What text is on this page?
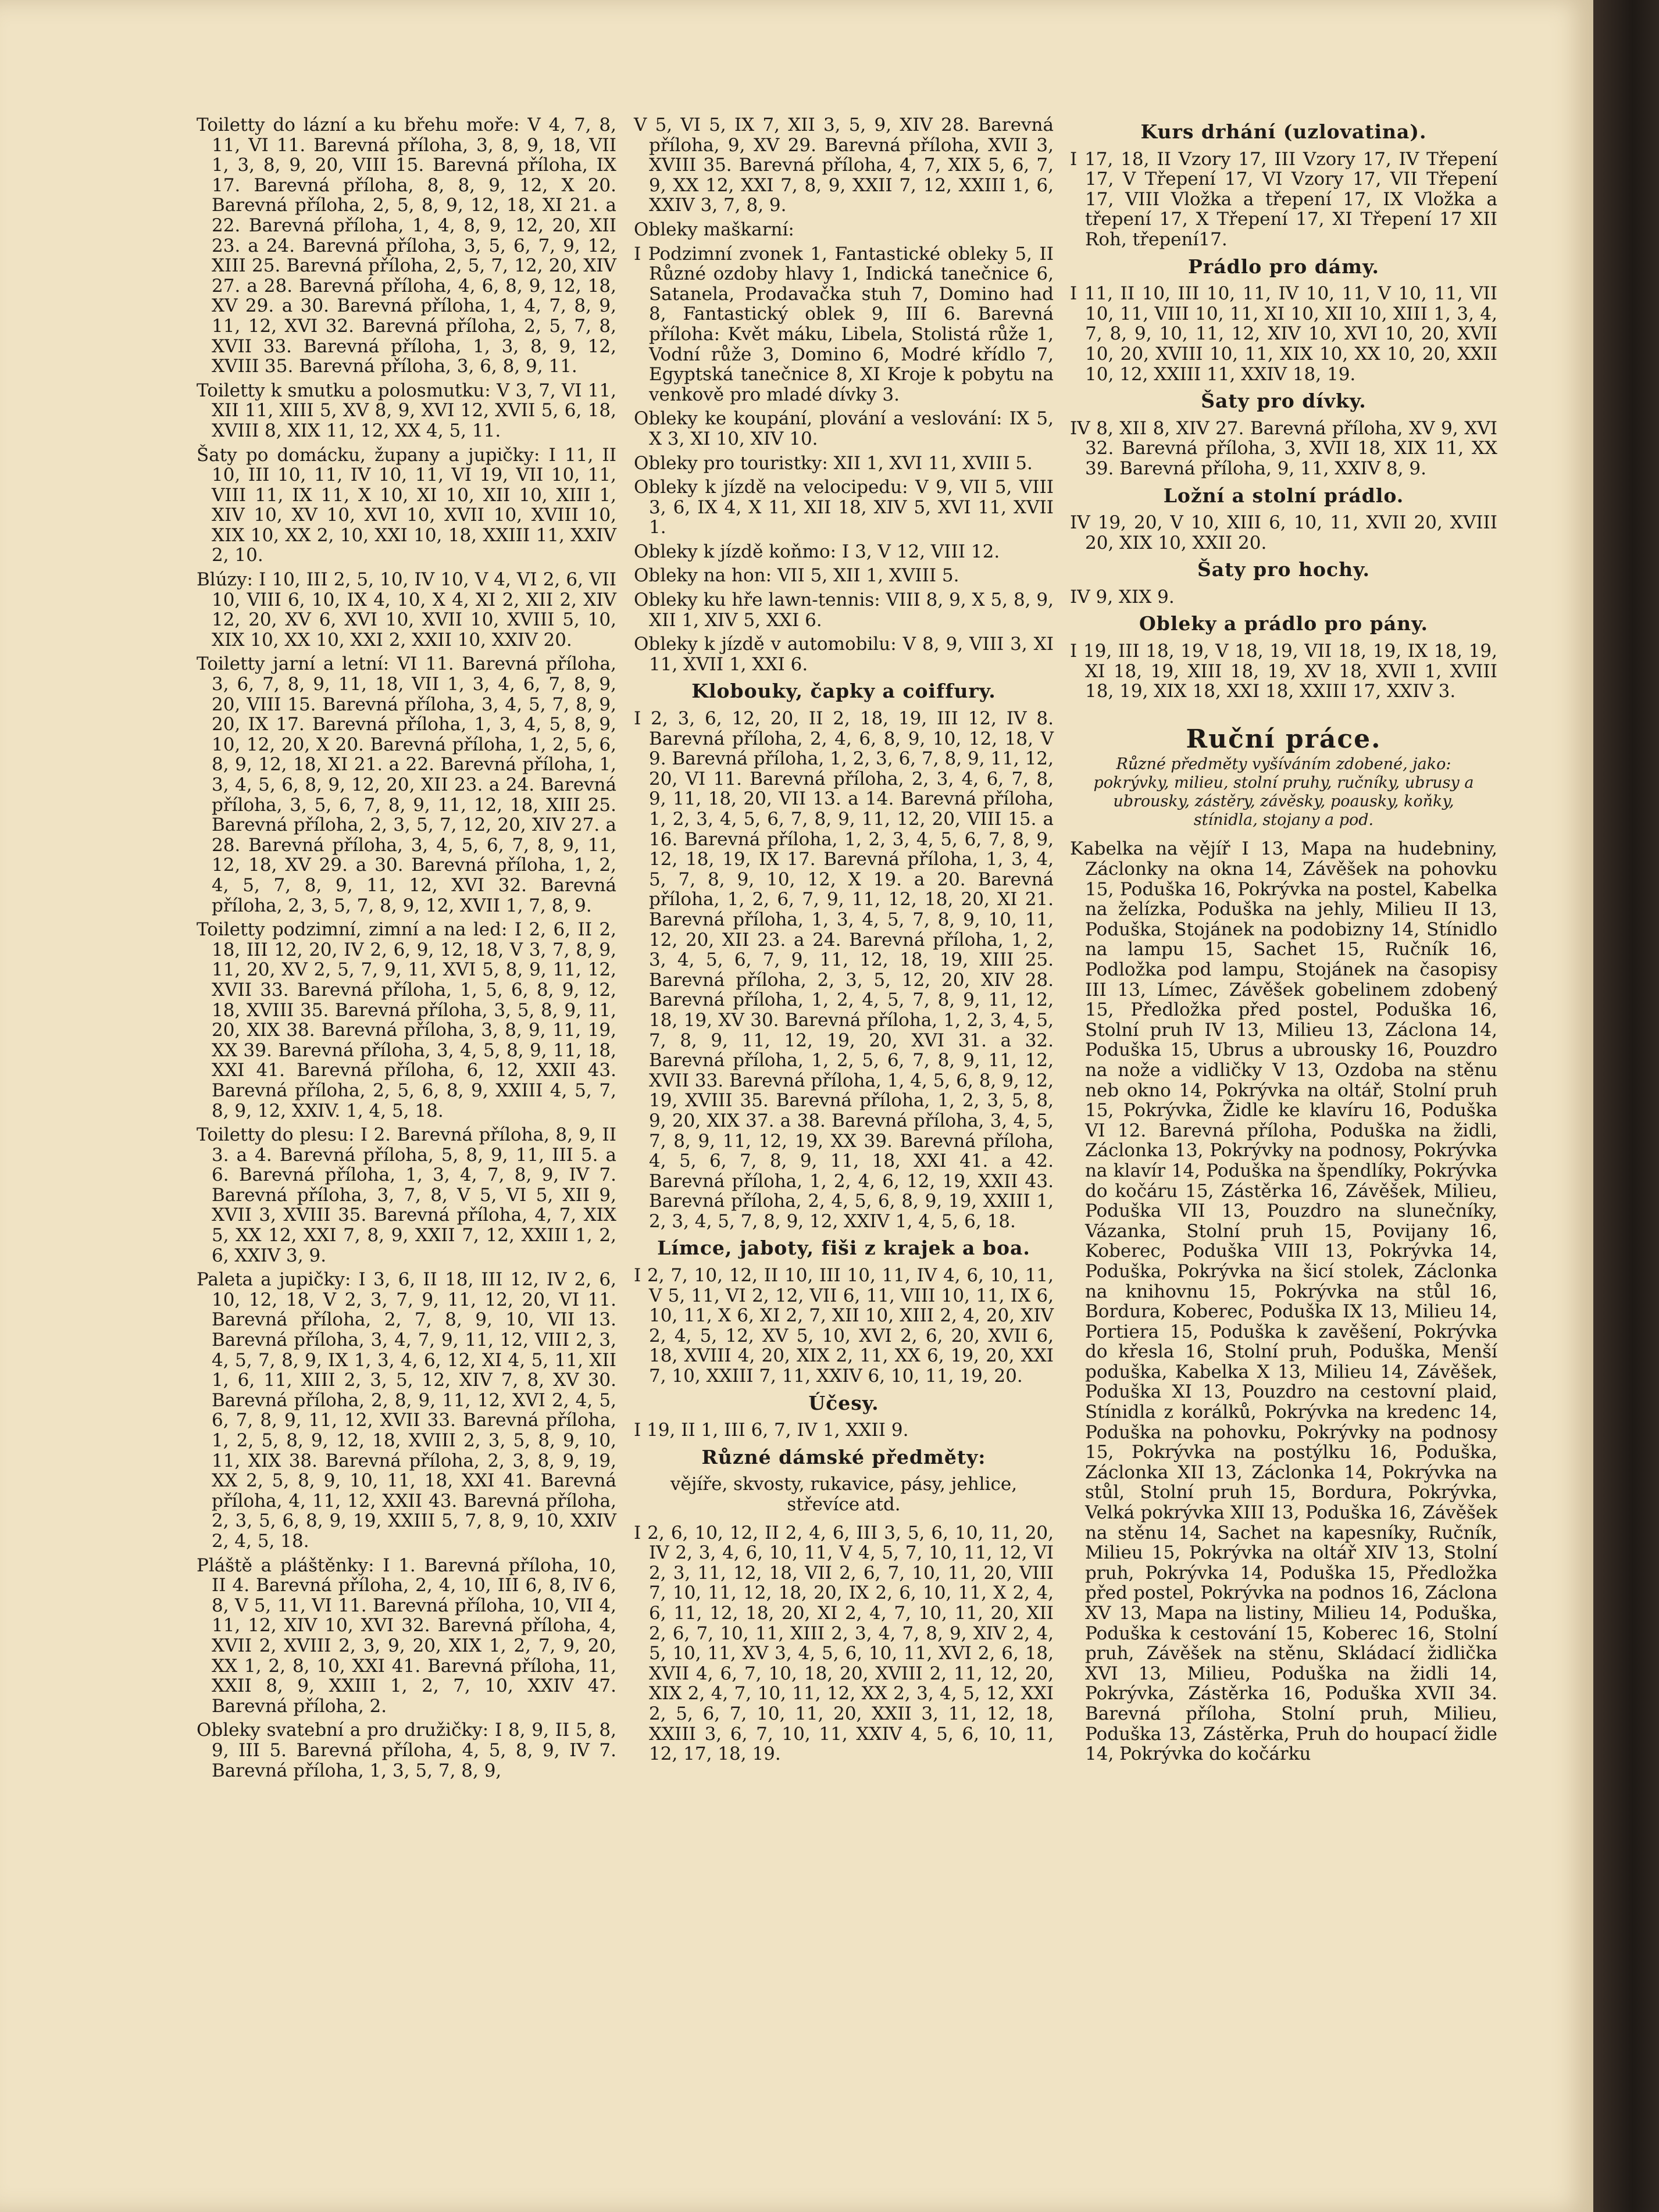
Toiletty do lázní a ku břehu moře: V 4, 7, 8, 11, VI 11. Barevná příloha, 3, 8, 9, 18, VII 1, 3, 8, 9, 20, VIII 15. Barevná příloha, IX 17. Barevná příloha, 8, 8, 9, 12, X 20. Barevná příloha, 2, 5, 8, 9, 12, 18, XI 21. a 22. Barevná příloha, 1, 4, 8, 9, 12, 20, XII 23. a 24. Barevná příloha, 3, 5, 6, 7, 9, 12, XIII 25. Barevná příloha, 2, 5, 7, 12, 20, XIV 27. a 28. Barevná příloha, 4, 6, 8, 9, 12, 18, XV 29. a 30. Barevná příloha, 1, 4, 7, 8, 9, 11, 12, XVI 32. Barevná příloha, 2, 5, 7, 8, XVII 33. Barevná příloha, 1, 3, 8, 9, 12, XVIII 35. Barevná příloha, 3, 6, 8, 9, 11.

Toiletty k smutku a polosmutku: V 3, 7, VI 11, XII 11, XIII 5, XV 8, 9, XVI 12, XVII 5, 6, 18, XVIII 8, XIX 11, 12, XX 4, 5, 11.

Šaty po domácku, župany a jupičky: I 11, II 10, III 10, 11, IV 10, 11, VI 19, VII 10, 11, VIII 11, IX 11, X 10, XI 10, XII 10, XIII 1, XIV 10, XV 10, XVI 10, XVII 10, XVIII 10, XIX 10, XX 2, 10, XXI 10, 18, XXIII 11, XXIV 2, 10.

Blúzy: I 10, III 2, 5, 10, IV 10, V 4, VI 2, 6, VII 10, VIII 6, 10, IX 4, 10, X 4, XI 2, XII 2, XIV 12, 20, XV 6, XVI 10, XVII 10, XVIII 5, 10, XIX 10, XX 10, XXI 2, XXII 10, XXIV 20.

Toiletty jarní a letní: VI 11. Barevná příloha, 3, 6, 7, 8, 9, 11, 18, VII 1, 3, 4, 6, 7, 8, 9, 20, VIII 15. Barevná příloha, 3, 4, 5, 7, 8, 9, 20, IX 17. Barevná příloha, 1, 3, 4, 5, 8, 9, 10, 12, 20, X 20. Barevná příloha, 1, 2, 5, 6, 8, 9, 12, 18, XI 21. a 22. Barevná příloha, 1, 3, 4, 5, 6, 8, 9, 12, 20, XII 23. a 24. Barevná příloha, 3, 5, 6, 7, 8, 9, 11, 12, 18, XIII 25. Barevná příloha, 2, 3, 5, 7, 12, 20, XIV 27. a 28. Barevná příloha, 3, 4, 5, 6, 7, 8, 9, 11, 12, 18, XV 29. a 30. Barevná příloha, 1, 2, 4, 5, 7, 8, 9, 11, 12, XVI 32. Barevná příloha, 2, 3, 5, 7, 8, 9, 12, XVII 1, 7, 8, 9.

Toiletty podzimní, zimní a na led: I 2, 6, II 2, 18, III 12, 20, IV 2, 6, 9, 12, 18, V 3, 7, 8, 9, 11, 20, XV 2, 5, 7, 9, 11, XVI 5, 8, 9, 11, 12, XVII 33. Barevná příloha, 1, 5, 6, 8, 9, 12, 18, XVIII 35. Barevná příloha, 3, 5, 8, 9, 11, 20, XIX 38. Barevná příloha, 3, 8, 9, 11, 19, XX 39. Barevná příloha, 3, 4, 5, 8, 9, 11, 18, XXI 41. Barevná příloha, 6, 12, XXII 43. Barevná příloha, 2, 5, 6, 8, 9, XXIII 4, 5, 7, 8, 9, 12, XXIV. 1, 4, 5, 18.

Toiletty do plesu: I 2. Barevná příloha, 8, 9, II 3. a 4. Barevná příloha, 5, 8, 9, 11, III 5. a 6. Barevná příloha, 1, 3, 4, 7, 8, 9, IV 7. Barevná příloha, 3, 7, 8, V 5, VI 5, XII 9, XVII 3, XVIII 35. Barevná příloha, 4, 7, XIX 5, XX 12, XXI 7, 8, 9, XXII 7, 12, XXIII 1, 2, 6, XXIV 3, 9.

Paleta a jupičky: I 3, 6, II 18, III 12, IV 2, 6, 10, 12, 18, V 2, 3, 7, 9, 11, 12, 20, VI 11. Barevná příloha, 2, 7, 8, 9, 10, VII 13. Barevná příloha, 3, 4, 7, 9, 11, 12, VIII 2, 3, 4, 5, 7, 8, 9, IX 1, 3, 4, 6, 12, XI 4, 5, 11, XII 1, 6, 11, XIII 2, 3, 5, 12, XIV 7, 8, XV 30. Barevná příloha, 2, 8, 9, 11, 12, XVI 2, 4, 5, 6, 7, 8, 9, 11, 12, XVII 33. Barevná příloha, 1, 2, 5, 8, 9, 12, 18, XVIII 2, 3, 5, 8, 9, 10, 11, XIX 38. Barevná příloha, 2, 3, 8, 9, 19, XX 2, 5, 8, 9, 10, 11, 18, XXI 41. Barevná příloha, 4, 11, 12, XXII 43. Barevná příloha, 2, 3, 5, 6, 8, 9, 19, XXIII 5, 7, 8, 9, 10, XXIV 2, 4, 5, 18.

Pláště a pláštěnky: I 1. Barevná příloha, 10, II 4. Barevná příloha, 2, 4, 10, III 6, 8, IV 6, 8, V 5, 11, VI 11. Barevná příloha, 10, VII 4, 11, 12, XIV 10, XVI 32. Barevná příloha, 4, XVII 2, XVIII 2, 3, 9, 20, XIX 1, 2, 7, 9, 20, XX 1, 2, 8, 10, XXI 41. Barevná příloha, 11, XXII 8, 9, XXIII 1, 2, 7, 10, XXIV 47. Barevná příloha, 2.

Obleky svatební a pro družičky: I 8, 9, II 5, 8, 9, III 5. Barevná příloha, 4, 5, 8, 9, IV 7. Barevná příloha, 1, 3, 5, 7, 8, 9,

V 5, VI 5, IX 7, XII 3, 5, 9, XIV 28. Barevná příloha, 9, XV 29. Barevná příloha, XVII 3, XVIII 35. Barevná příloha, 4, 7, XIX 5, 6, 7, 9, XX 12, XXI 7, 8, 9, XXII 7, 12, XXIII 1, 6, XXIV 3, 7, 8, 9.

Obleky maškarní:

I Podzimní zvonek 1, Fantastické obleky 5, II Různé ozdoby hlavy 1, Indická tanečnice 6, Satanela, Prodavačka stuh 7, Domino had 8, Fantastický oblek 9, III 6. Barevná příloha: Květ máku, Libela, Stolistá růže 1, Vodní růže 3, Domino 6, Modré křídlo 7, Egyptská tanečnice 8, XI Kroje k pobytu na venkově pro mladé dívky 3.

Obleky ke koupání, plování a veslování: IX 5, X 3, XI 10, XIV 10.

Obleky pro touristky: XII 1, XVI 11, XVIII 5.

Obleky k jízdě na velocipedu: V 9, VII 5, VIII 3, 6, IX 4, X 11, XII 18, XIV 5, XVI 11, XVII 1.

Obleky k jízdě koňmo: I 3, V 12, VIII 12.

Obleky na hon: VII 5, XII 1, XVIII 5.

Obleky ku hře lawn-tennis: VIII 8, 9, X 5, 8, 9, XII 1, XIV 5, XXI 6.

Obleky k jízdě v automobilu: V 8, 9, VIII 3, XI 11, XVII 1, XXI 6.

Klobouky, čapky a coiffury.

I 2, 3, 6, 12, 20, II 2, 18, 19, III 12, IV 8. Barevná příloha, 2, 4, 6, 8, 9, 10, 12, 18, V 9. Barevná příloha, 1, 2, 3, 6, 7, 8, 9, 11, 12, 20, VI 11. Barevná příloha, 2, 3, 4, 6, 7, 8, 9, 11, 18, 20, VII 13. a 14. Barevná příloha, 1, 2, 3, 4, 5, 6, 7, 8, 9, 11, 12, 20, VIII 15. a 16. Barevná příloha, 1, 2, 3, 4, 5, 6, 7, 8, 9, 12, 18, 19, IX 17. Barevná příloha, 1, 3, 4, 5, 7, 8, 9, 10, 12, X 19. a 20. Barevná příloha, 1, 2, 6, 7, 9, 11, 12, 18, 20, XI 21. Barevná příloha, 1, 3, 4, 5, 7, 8, 9, 10, 11, 12, 20, XII 23. a 24. Barevná příloha, 1, 2, 3, 4, 5, 6, 7, 9, 11, 12, 18, 19, XIII 25. Barevná příloha, 2, 3, 5, 12, 20, XIV 28. Barevná příloha, 1, 2, 4, 5, 7, 8, 9, 11, 12, 18, 19, XV 30. Barevná příloha, 1, 2, 3, 4, 5, 7, 8, 9, 11, 12, 19, 20, XVI 31. a 32. Barevná příloha, 1, 2, 5, 6, 7, 8, 9, 11, 12, XVII 33. Barevná příloha, 1, 4, 5, 6, 8, 9, 12, 19, XVIII 35. Barevná příloha, 1, 2, 3, 5, 8, 9, 20, XIX 37. a 38. Barevná příloha, 3, 4, 5, 7, 8, 9, 11, 12, 19, XX 39. Barevná příloha, 4, 5, 6, 7, 8, 9, 11, 18, XXI 41. a 42. Barevná příloha, 1, 2, 4, 6, 12, 19, XXII 43. Barevná příloha, 2, 4, 5, 6, 8, 9, 19, XXIII 1, 2, 3, 4, 5, 7, 8, 9, 12, XXIV 1, 4, 5, 6, 18.

Límce, jaboty, fiši z krajek a boa.

I 2, 7, 10, 12, II 10, III 10, 11, IV 4, 6, 10, 11, V 5, 11, VI 2, 12, VII 6, 11, VIII 10, 11, IX 6, 10, 11, X 6, XI 2, 7, XII 10, XIII 2, 4, 20, XIV 2, 4, 5, 12, XV 5, 10, XVI 2, 6, 20, XVII 6, 18, XVIII 4, 20, XIX 2, 11, XX 6, 19, 20, XXI 7, 10, XXIII 7, 11, XXIV 6, 10, 11, 19, 20.

Účesy.

I 19, II 1, III 6, 7, IV 1, XXII 9.

Různé dámské předměty:

vějíře, skvosty, rukavice, pásy, jehlice, střevíce atd.

I 2, 6, 10, 12, II 2, 4, 6, III 3, 5, 6, 10, 11, 20, IV 2, 3, 4, 6, 10, 11, V 4, 5, 7, 10, 11, 12, VI 2, 3, 11, 12, 18, VII 2, 6, 7, 10, 11, 20, VIII 7, 10, 11, 12, 18, 20, IX 2, 6, 10, 11, X 2, 4, 6, 11, 12, 18, 20, XI 2, 4, 7, 10, 11, 20, XII 2, 6, 7, 10, 11, XIII 2, 3, 4, 7, 8, 9, XIV 2, 4, 5, 10, 11, XV 3, 4, 5, 6, 10, 11, XVI 2, 6, 18, XVII 4, 6, 7, 10, 18, 20, XVIII 2, 11, 12, 20, XIX 2, 4, 7, 10, 11, 12, XX 2, 3, 4, 5, 12, XXI 2, 5, 6, 7, 10, 11, 20, XXII 3, 11, 12, 18, XXIII 3, 6, 7, 10, 11, XXIV 4, 5, 6, 10, 11, 12, 17, 18, 19.

Kurs drhání (uzlovatina).

I 17, 18, II Vzory 17, III Vzory 17, IV Třepení 17, V Třepení 17, VI Vzory 17, VII Třepení 17, VIII Vložka a třepení 17, IX Vložka a třepení 17, X Třepení 17, XI Třepení 17 XII Roh, třepení17.

Prádlo pro dámy.

I 11, II 10, III 10, 11, IV 10, 11, V 10, 11, VII 10, 11, VIII 10, 11, XI 10, XII 10, XIII 1, 3, 4, 7, 8, 9, 10, 11, 12, XIV 10, XVI 10, 20, XVII 10, 20, XVIII 10, 11, XIX 10, XX 10, 20, XXII 10, 12, XXIII 11, XXIV 18, 19.

Šaty pro dívky.

IV 8, XII 8, XIV 27. Barevná příloha, XV 9, XVI 32. Barevná příloha, 3, XVII 18, XIX 11, XX 39. Barevná příloha, 9, 11, XXIV 8, 9.

Ložní a stolní prádlo.

IV 19, 20, V 10, XIII 6, 10, 11, XVII 20, XVIII 20, XIX 10, XXII 20.

Šaty pro hochy.

IV 9, XIX 9.

Obleky a prádlo pro pány.

I 19, III 18, 19, V 18, 19, VII 18, 19, IX 18, 19, XI 18, 19, XIII 18, 19, XV 18, XVII 1, XVIII 18, 19, XIX 18, XXI 18, XXIII 17, XXIV 3.

Ruční práce.

Různé předměty vyšíváním zdobené, jako: pokrývky, milieu, stolní pruhy, ručníky, ubrusy a ubrousky, zástěry, závěsky, poausky, koňky, stínidla, stojany a pod.

Kabelka na vějíř I 13, Mapa na hudebniny, Záclonky na okna 14, Závěšek na pohovku 15, Poduška 16, Pokrývka na postel, Kabelka na želízka, Poduška na jehly, Milieu II 13, Poduška, Stojánek na podobizny 14, Stínidlo na lampu 15, Sachet 15, Ručník 16, Podložka pod lampu, Stojánek na časopisy III 13, Límec, Závěšek gobelinem zdobený 15, Předložka před postel, Poduška 16, Stolní pruh IV 13, Milieu 13, Záclona 14, Poduška 15, Ubrus a ubrousky 16, Pouzdro na nože a vidličky V 13, Ozdoba na stěnu neb okno 14, Pokrývka na oltář, Stolní pruh 15, Pokrývka, Židle ke klavíru 16, Poduška VI 12. Barevná příloha, Poduška na židli, Záclonka 13, Pokrývky na podnosy, Pokrývka na klavír 14, Poduška na špendlíky, Pokrývka do kočáru 15, Zástěrka 16, Závěšek, Milieu, Poduška VII 13, Pouzdro na slunečníky, Vázanka, Stolní pruh 15, Povijany 16, Koberec, Poduška VIII 13, Pokrývka 14, Poduška, Pokrývka na šicí stolek, Záclonka na knihovnu 15, Pokrývka na stůl 16, Bordura, Koberec, Poduška IX 13, Milieu 14, Portiera 15, Poduška k zavěšení, Pokrývka do křesla 16, Stolní pruh, Poduška, Menší poduška, Kabelka X 13, Milieu 14, Závěšek, Poduška XI 13, Pouzdro na cestovní plaid, Stínidla z korálků, Pokrývka na kredenc 14, Poduška na pohovku, Pokrývky na podnosy 15, Pokrývka na postýlku 16, Poduška, Záclonka XII 13, Záclonka 14, Pokrývka na stůl, Stolní pruh 15, Bordura, Pokrývka, Velká pokrývka XIII 13, Poduška 16, Závěšek na stěnu 14, Sachet na kapesníky, Ručník, Milieu 15, Pokrývka na oltář XIV 13, Stolní pruh, Pokrývka 14, Poduška 15, Předložka před postel, Pokrývka na podnos 16, Záclona XV 13, Mapa na listiny, Milieu 14, Poduška, Poduška k cestování 15, Koberec 16, Stolní pruh, Závěšek na stěnu, Skládací židlička XVI 13, Milieu, Poduška na židli 14, Pokrývka, Zástěrka 16, Poduška XVII 34. Barevná příloha, Stolní pruh, Milieu, Poduška 13, Zástěrka, Pruh do houpací židle 14, Pokrývka do kočárku
